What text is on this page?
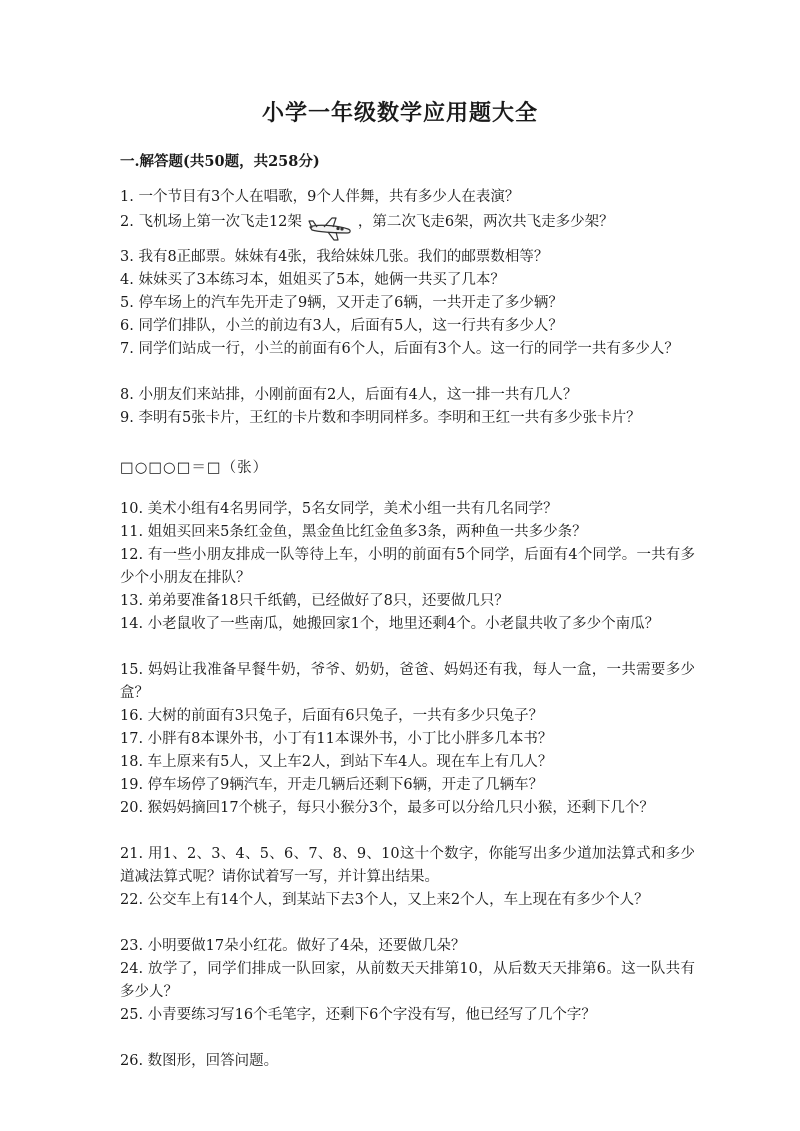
小学一年级数学应用题大全
一.解答题(共50题，共258分)
1. 一个节目有3个人在唱歌，9个人伴舞，共有多少人在表演？
2. 飞机场上第一次飞走12架	，第二次飞走6架，两次共飞走多少架？
3. 我有8正邮票。妹妹有4张，我给妹妹几张。我们的邮票数相等？
4. 妹妹买了3本练习本，姐姐买了5本，她俩一共买了几本？
5. 停车场上的汽车先开走了9辆，又开走了6辆，一共开走了多少辆？
6. 同学们排队，小兰的前边有3人，后面有5人，这一行共有多少人？
7. 同学们站成一行，小兰的前面有6个人，后面有3个人。这一行的同学一共有多少人？
8. 小朋友们来站排，小刚前面有2人，后面有4人，这一排一共有几人？
9. 李明有5张卡片，王红的卡片数和李明同样多。李明和王红一共有多少张卡片？
□○□○□＝□（张）
10. 美术小组有4名男同学，5名女同学，美术小组一共有几名同学？
11. 姐姐买回来5条红金鱼，黑金鱼比红金鱼多3条，两种鱼一共多少条？
12. 有一些小朋友排成一队等待上车，小明的前面有5个同学，后面有4个同学。一共有多少个小朋友在排队？
13. 弟弟要准备18只千纸鹤，已经做好了8只，还要做几只？
14. 小老鼠收了一些南瓜，她搬回家1个，地里还剩4个。小老鼠共收了多少个南瓜？
15. 妈妈让我准备早餐牛奶，爷爷、奶奶，爸爸、妈妈还有我，每人一盒，一共需要多少盒？
16. 大树的前面有3只兔子，后面有6只兔子，一共有多少只兔子？
17. 小胖有8本课外书，小丁有11本课外书，小丁比小胖多几本书？
18. 车上原来有5人，又上车2人，到站下车4人。现在车上有几人？
19. 停车场停了9辆汽车，开走几辆后还剩下6辆，开走了几辆车？
20. 猴妈妈摘回17个桃子，每只小猴分3个，最多可以分给几只小猴，还剩下几个？
21. 用1、2、3、4、5、6、7、8、9、10这十个数字，你能写出多少道加法算式和多少道减法算式呢？请你试着写一写，并计算出结果。
22. 公交车上有14个人，到某站下去3个人，又上来2个人，车上现在有多少个人？
23. 小明要做17朵小红花。做好了4朵，还要做几朵？
24. 放学了，同学们排成一队回家，从前数天天排第10，从后数天天排第6。这一队共有多少人？
25. 小青要练习写16个毛笔字，还剩下6个字没有写，他已经写了几个字？
26. 数图形，回答问题。
